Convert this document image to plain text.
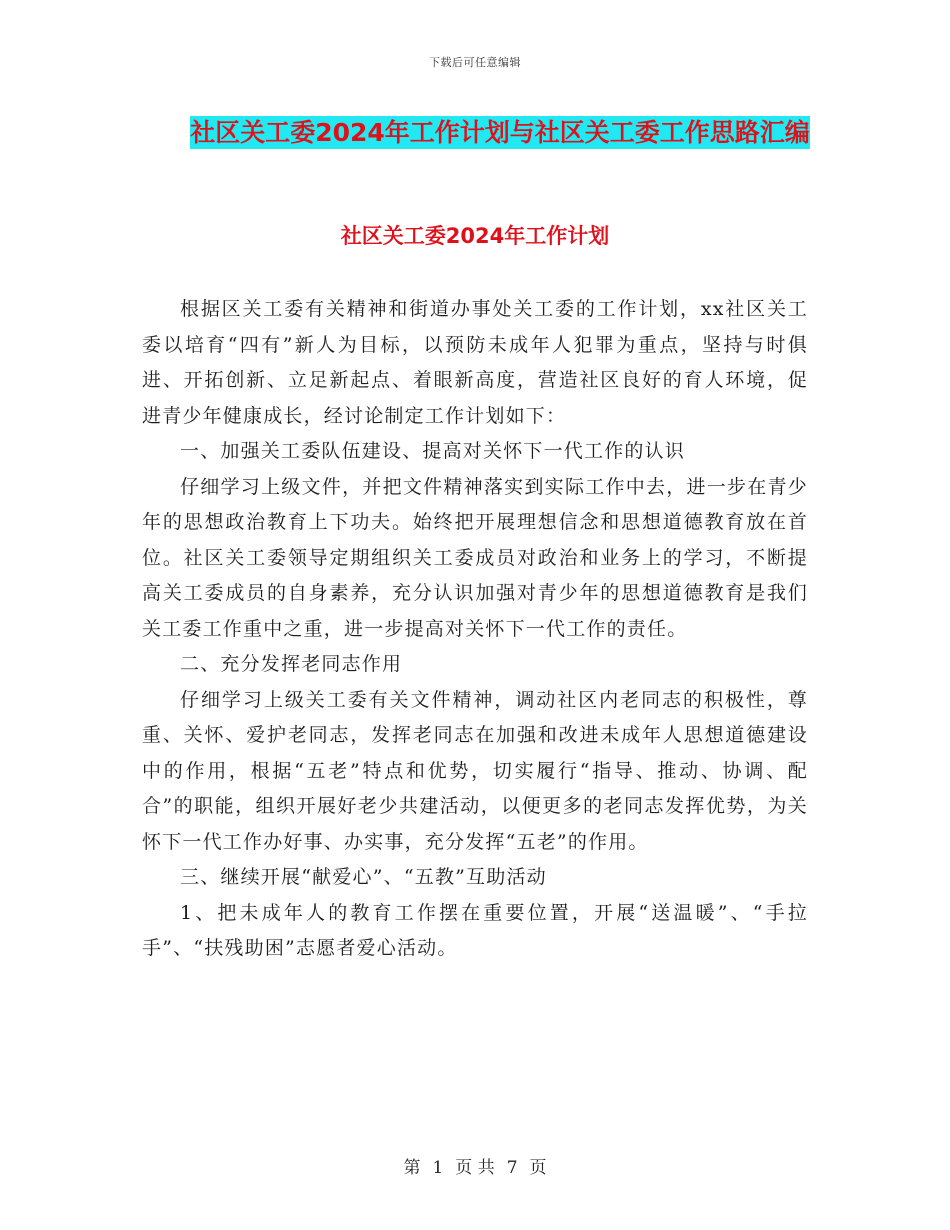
下载后可任意编辑
社区关工委2024年工作计划与社区关工委工作思路汇编
社区关工委2024年工作计划

根据区关工委有关精神和街道办事处关工委的工作计划，xx社区关工委以培育“四有”新人为目标，以预防未成年人犯罪为重点，坚持与时俱进、开拓创新、立足新起点、着眼新高度，营造社区良好的育人环境，促进青少年健康成长，经讨论制定工作计划如下：

一、加强关工委队伍建设、提高对关怀下一代工作的认识

仔细学习上级文件，并把文件精神落实到实际工作中去，进一步在青少年的思想政治教育上下功夫。始终把开展理想信念和思想道德教育放在首位。社区关工委领导定期组织关工委成员对政治和业务上的学习，不断提高关工委成员的自身素养，充分认识加强对青少年的思想道德教育是我们关工委工作重中之重，进一步提高对关怀下一代工作的责任。

二、充分发挥老同志作用

仔细学习上级关工委有关文件精神，调动社区内老同志的积极性，尊重、关怀、爱护老同志，发挥老同志在加强和改进未成年人思想道德建设中的作用，根据“五老”特点和优势，切实履行“指导、推动、协调、配合”的职能，组织开展好老少共建活动，以便更多的老同志发挥优势，为关怀下一代工作办好事、办实事，充分发挥“五老”的作用。

三、继续开展“献爱心”、“五教”互助活动

1、把未成年人的教育工作摆在重要位置，开展“送温暖”、“手拉手”、“扶残助困”志愿者爱心活动。

第 1 页 共 7 页
